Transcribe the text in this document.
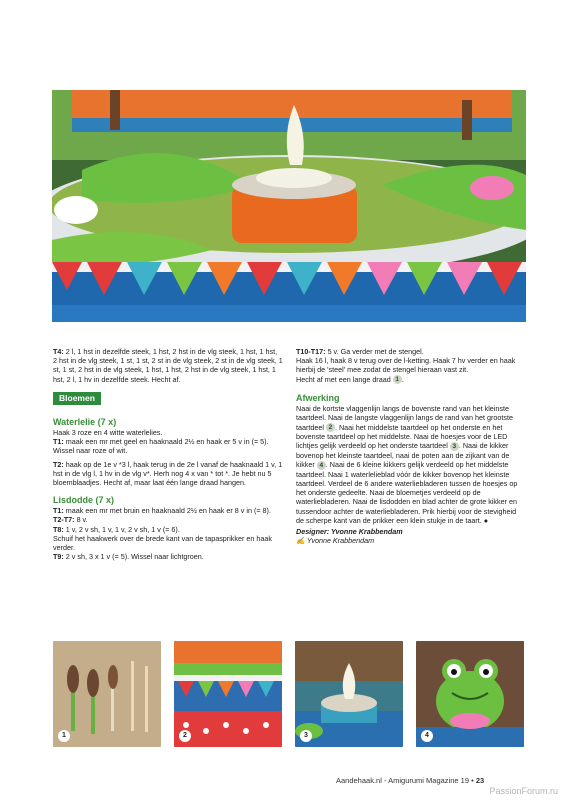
T4: 2 l, 1 hst in dezelfde steek, 1 hst, 2 hst in de vlg steek, 1 hst, 1 hst, 2 hst in de vlg steek, 1 st, 1 st, 2 st in de vlg steek, 2 st in de vlg steek, 1 st, 1 st, 2 hst in de vlg steek, 1 hst, 1 hst, 2 hst in de vlg steek, 1 hst, 1 hst, 2 l, 1 hv in dezelfde steek. Hecht af.
Bloemen
Waterlelie (7 x)
Haak 3 roze en 4 witte waterlelies.
T1: maak een mr met geel en haaknaald 2½ en haak er 5 v in (= 5). Wissel naar roze of wit.
T2: haak op de 1e v *3 l, haak terug in de 2e l vanaf de haaknaald 1 v, 1 hst in de vlg l, 1 hv in de vlg v*. Herh nog 4 x van * tot *. Je hebt nu 5 bloemblaadjes. Hecht af, maar laat één lange draad hangen.
Lisdodde (7 x)
T1: maak een mr met bruin en haaknaald 2½ en haak er 8 v in (= 8).
T2-T7: 8 v.
T8: 1 v, 2 v sh, 1 v, 1 v, 2 v sh, 1 v (= 6).
Schuif het haakwerk over de brede kant van de tapasprikker en haak verder.
T9: 2 v sh, 3 x 1 v (= 5). Wissel naar lichtgroen.
T10-T17: 5 v. Ga verder met de stengel.
Haak 16 l, haak 8 v terug over de l-ketting. Haak 7 hv verder en haak hierbij de 'steel' mee zodat de stengel hieraan vast zit.
Hecht af met een lange draad 1 .
Afwerking
Naai de kortste vlaggenlijn langs de bovenste rand van het kleinste taartdeel. Naai de langste vlaggenlijn langs de rand van het grootste taartdeel 2 . Naai het middelste taartdeel op het onderste en het bovenste taartdeel op het middelste. Naai de hoesjes voor de LED lichtjes gelijk verdeeld op het onderste taartdeel 3 . Naai de kikker bovenop het kleinste taartdeel, naai de poten aan de zijkant van de kikker 4 . Naai de 6 kleine kikkers gelijk verdeeld op het middelste taartdeel. Naai 1 waterlelieblad vóór de kikker bovenop het kleinste taartdeel. Verdeel de 6 andere waterliebladeren tussen de hoesjes op het onderste gedeelte. Naai de bloemetjes verdeeld op de waterliebladeren. Naai de lisdodden en blad achter de grote kikker en tussendoor achter de waterliebladeren. Prik hierbij voor de stevigheid de scherpe kant van de prikker een klein stukje in de taart. ●
Designer: Yvonne Krabbendam
✍ Yvonne Krabbendam
1	2	3	4
Aandehaak.nl - Amigurumi Magazine 19 • 23
PassionForum.ru
